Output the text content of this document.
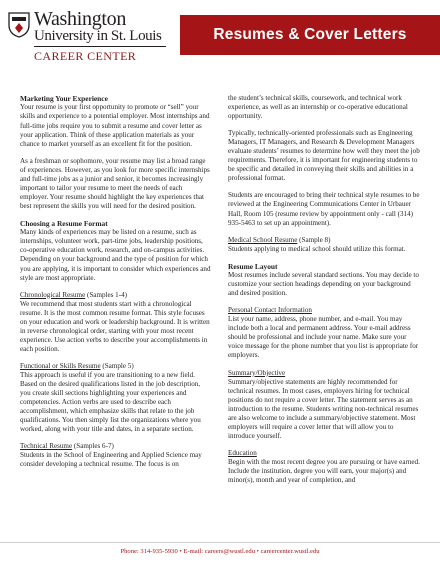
Washington
University in St. Louis
CAREER CENTER
Resumes & Cover Letters
Marketing Your Experience

Your resume is your first opportunity to promote or “sell” your skills and experience to a potential employer. Most internships and full-time jobs require you to submit a resume and cover letter as your application. Think of these application materials as your chance to market yourself as an excellent fit for the position.

As a freshman or sophomore, your resume may list a broad range of experiences. However, as you look for more specific internships and full-time jobs as a junior and senior, it becomes increasingly important to tailor your resume to meet the needs of each employer. Your resume should highlight the key experiences that best represent the skills you will need for the desired position.

Choosing a Resume Format

Many kinds of experiences may be listed on a resume, such as internships, volunteer work, part-time jobs, leadership positions, co-operative education work, research, and on-campus activities. Depending on your background and the type of position for which you are applying, it is important to consider which experiences and style are most appropriate.

Chronological Resume (Samples 1-4)

We recommend that most students start with a chronological resume. It is the most common resume format. This style focuses on your education and work or leadership background. It is written in reverse chronological order, starting with your most recent experience. Use action verbs to describe your accomplishments in each position.

Functional or Skills Resume (Sample 5)

This approach is useful if you are transitioning to a new field. Based on the desired qualifications listed in the job description, you create skill sections highlighting your experiences and competencies. Action verbs are used to describe each accomplishment, which emphasize skills that relate to the job qualifications. You then simply list the organizations where you worked, along with your title and dates, in a separate section.

Technical Resume (Samples 6-7)

Students in the School of Engineering and Applied Science may consider developing a technical resume. The focus is on

the student’s technical skills, coursework, and technical work experience, as well as an internship or co-operative educational opportunity.

Typically, technically-oriented professionals such as Engineering Managers, IT Managers, and Research & Development Managers evaluate students’ resumes to determine how well they meet the job requirements. Therefore, it is important for engineering students to be specific and detailed in conveying their skills and abilities in a professional format.

Students are encouraged to bring their technical style resumes to be reviewed at the Engineering Communications Center in Urbauer Hall, Room 105 (resume review by appointment only - call (314) 935-5463 to set up an appointment).

Medical School Resume (Sample 8)

Students applying to medical school should utilize this format.

Resume Layout

Most resumes include several standard sections. You may decide to customize your section headings depending on your background and desired position.

Personal Contact Information

List your name, address, phone number, and e-mail. You may include both a local and permanent address. Your e-mail address should be professional and include your name. Make sure your voice message for the phone number that you list is appropriate for employers.

Summary/Objective

Summary/objective statements are highly recommended for technical resumes. In most cases, employers hiring for technical positions do not require a cover letter. The statement serves as an introduction to the resume. Students writing non-technical resumes are also welcome to include a summary/objective statement. Most employers will require a cover letter that will allow you to introduce yourself.

Education

Begin with the most recent degree you are pursuing or have earned. Include the institution, degree you will earn, your major(s) and minor(s), month and year of completion, and

Phone: 314-935-5930 • E-mail: careers@wustl.edu • careercenter.wustl.edu
